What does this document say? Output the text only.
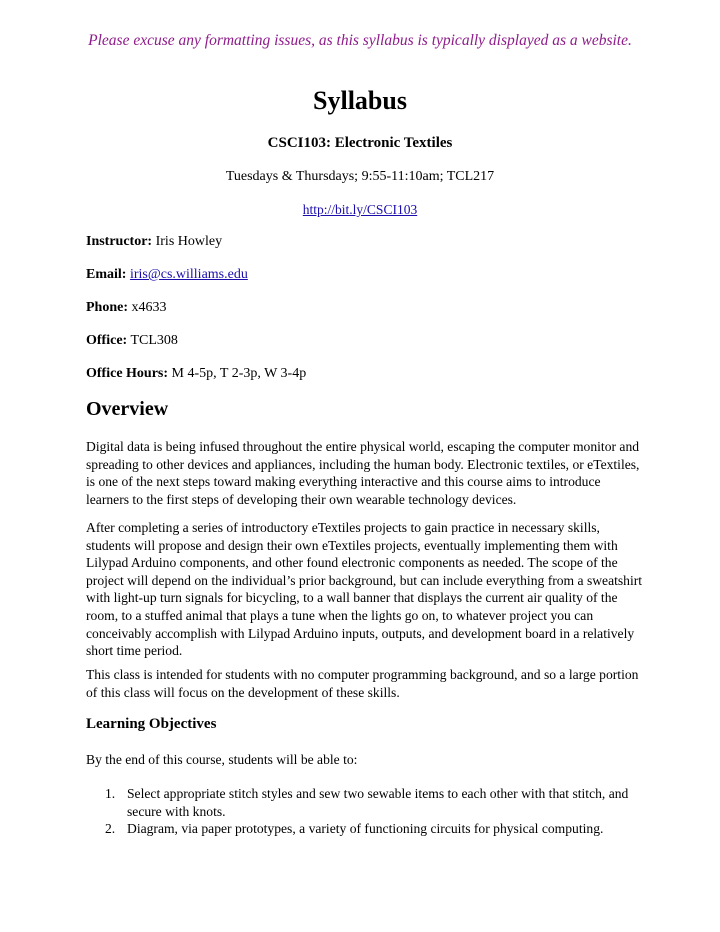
Please excuse any formatting issues, as this syllabus is typically displayed as a website.
Syllabus
CSCI103: Electronic Textiles
Tuesdays & Thursdays; 9:55-11:10am; TCL217
http://bit.ly/CSCI103
Instructor: Iris Howley
Email: iris@cs.williams.edu
Phone: x4633
Office: TCL308
Office Hours: M 4-5p, T 2-3p, W 3-4p
Overview
Digital data is being infused throughout the entire physical world, escaping the computer monitor and spreading to other devices and appliances, including the human body. Electronic textiles, or eTextiles, is one of the next steps toward making everything interactive and this course aims to introduce learners to the first steps of developing their own wearable technology devices.
After completing a series of introductory eTextiles projects to gain practice in necessary skills, students will propose and design their own eTextiles projects, eventually implementing them with Lilypad Arduino components, and other found electronic components as needed. The scope of the project will depend on the individual’s prior background, but can include everything from a sweatshirt with light-up turn signals for bicycling, to a wall banner that displays the current air quality of the room, to a stuffed animal that plays a tune when the lights go on, to whatever project you can conceivably accomplish with Lilypad Arduino inputs, outputs, and development board in a relatively short time period.
This class is intended for students with no computer programming background, and so a large portion of this class will focus on the development of these skills.
Learning Objectives
By the end of this course, students will be able to:
1. Select appropriate stitch styles and sew two sewable items to each other with that stitch, and secure with knots.
2. Diagram, via paper prototypes, a variety of functioning circuits for physical computing.
